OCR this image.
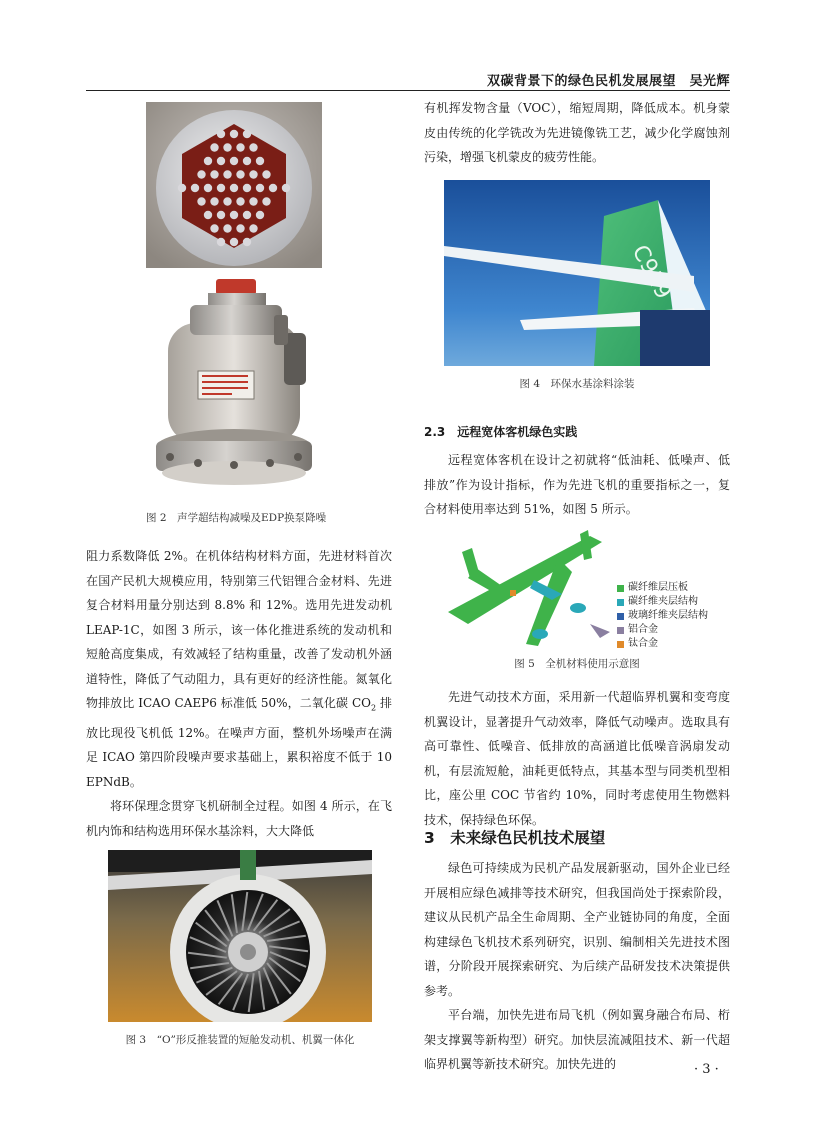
双碳背景下的绿色民机发展展望　 吴光辉
图 2　声学超结构减噪及EDP换泵降噪

阻力系数降低 2%。在机体结构材料方面，先进材料首次在国产民机大规模应用，特别第三代铝锂合金材料、先进复合材料用量分别达到 8.8% 和 12%。选用先进发动机 LEAP-1C，如图 3 所示，该一体化推进系统的发动机和短舱高度集成，有效减轻了结构重量，改善了发动机外涵道特性，降低了气动阻力，具有更好的经济性能。氮氧化物排放比 ICAO CAEP6 标准低 50%，二氧化碳 $CO_2$ 排放比现役飞机低 12%。在噪声方面，整机外场噪声在满足 ICAO 第四阶段噪声要求基础上，累积裕度不低于 10EPNdB。

将环保理念贯穿飞机研制全过程。如图 4 所示，在飞机内饰和结构选用环保水基涂料，大大降低

图 3　“O”形反推装置的短舱发动机、机翼一体化

有机挥发物含量（VOC），缩短周期，降低成本。机身蒙皮由传统的化学铣改为先进镜像铣工艺，减少化学腐蚀剂污染，增强飞机蒙皮的疲劳性能。

图 4　环保水基涂料涂装
2.3　远程宽体客机绿色实践

远程宽体客机在设计之初就将“低油耗、低噪声、低排放”作为设计指标，作为先进飞机的重要指标之一，复合材料使用率达到 51%，如图 5 所示。

碳纤维层压板
碳纤维夹层结构
玻璃纤维夹层结构
铝合金
钛合金
图 5　全机材料使用示意图

先进气动技术方面，采用新一代超临界机翼和变弯度机翼设计，显著提升气动效率，降低气动噪声。选取具有高可靠性、低噪音、低排放的高涵道比低噪音涡扇发动机，有层流短舱，油耗更低特点，其基本型与同类机型相比，座公里 COC 节省约 10%，同时考虑使用生物燃料技术，保持绿色环保。

3　未来绿色民机技术展望

绿色可持续成为民机产品发展新驱动，国外企业已经开展相应绿色减排等技术研究，但我国尚处于探索阶段，建议从民机产品全生命周期、全产业链协同的角度，全面构建绿色飞机技术系列研究，识别、编制相关先进技术图谱，分阶段开展探索研究、为后续产品研发技术决策提供参考。

平台端，加快先进布局飞机（例如翼身融合布局、桁架支撑翼等新构型）研究。加快层流减阻技术、新一代超临界机翼等新技术研究。加快先进的	· 3 ·
